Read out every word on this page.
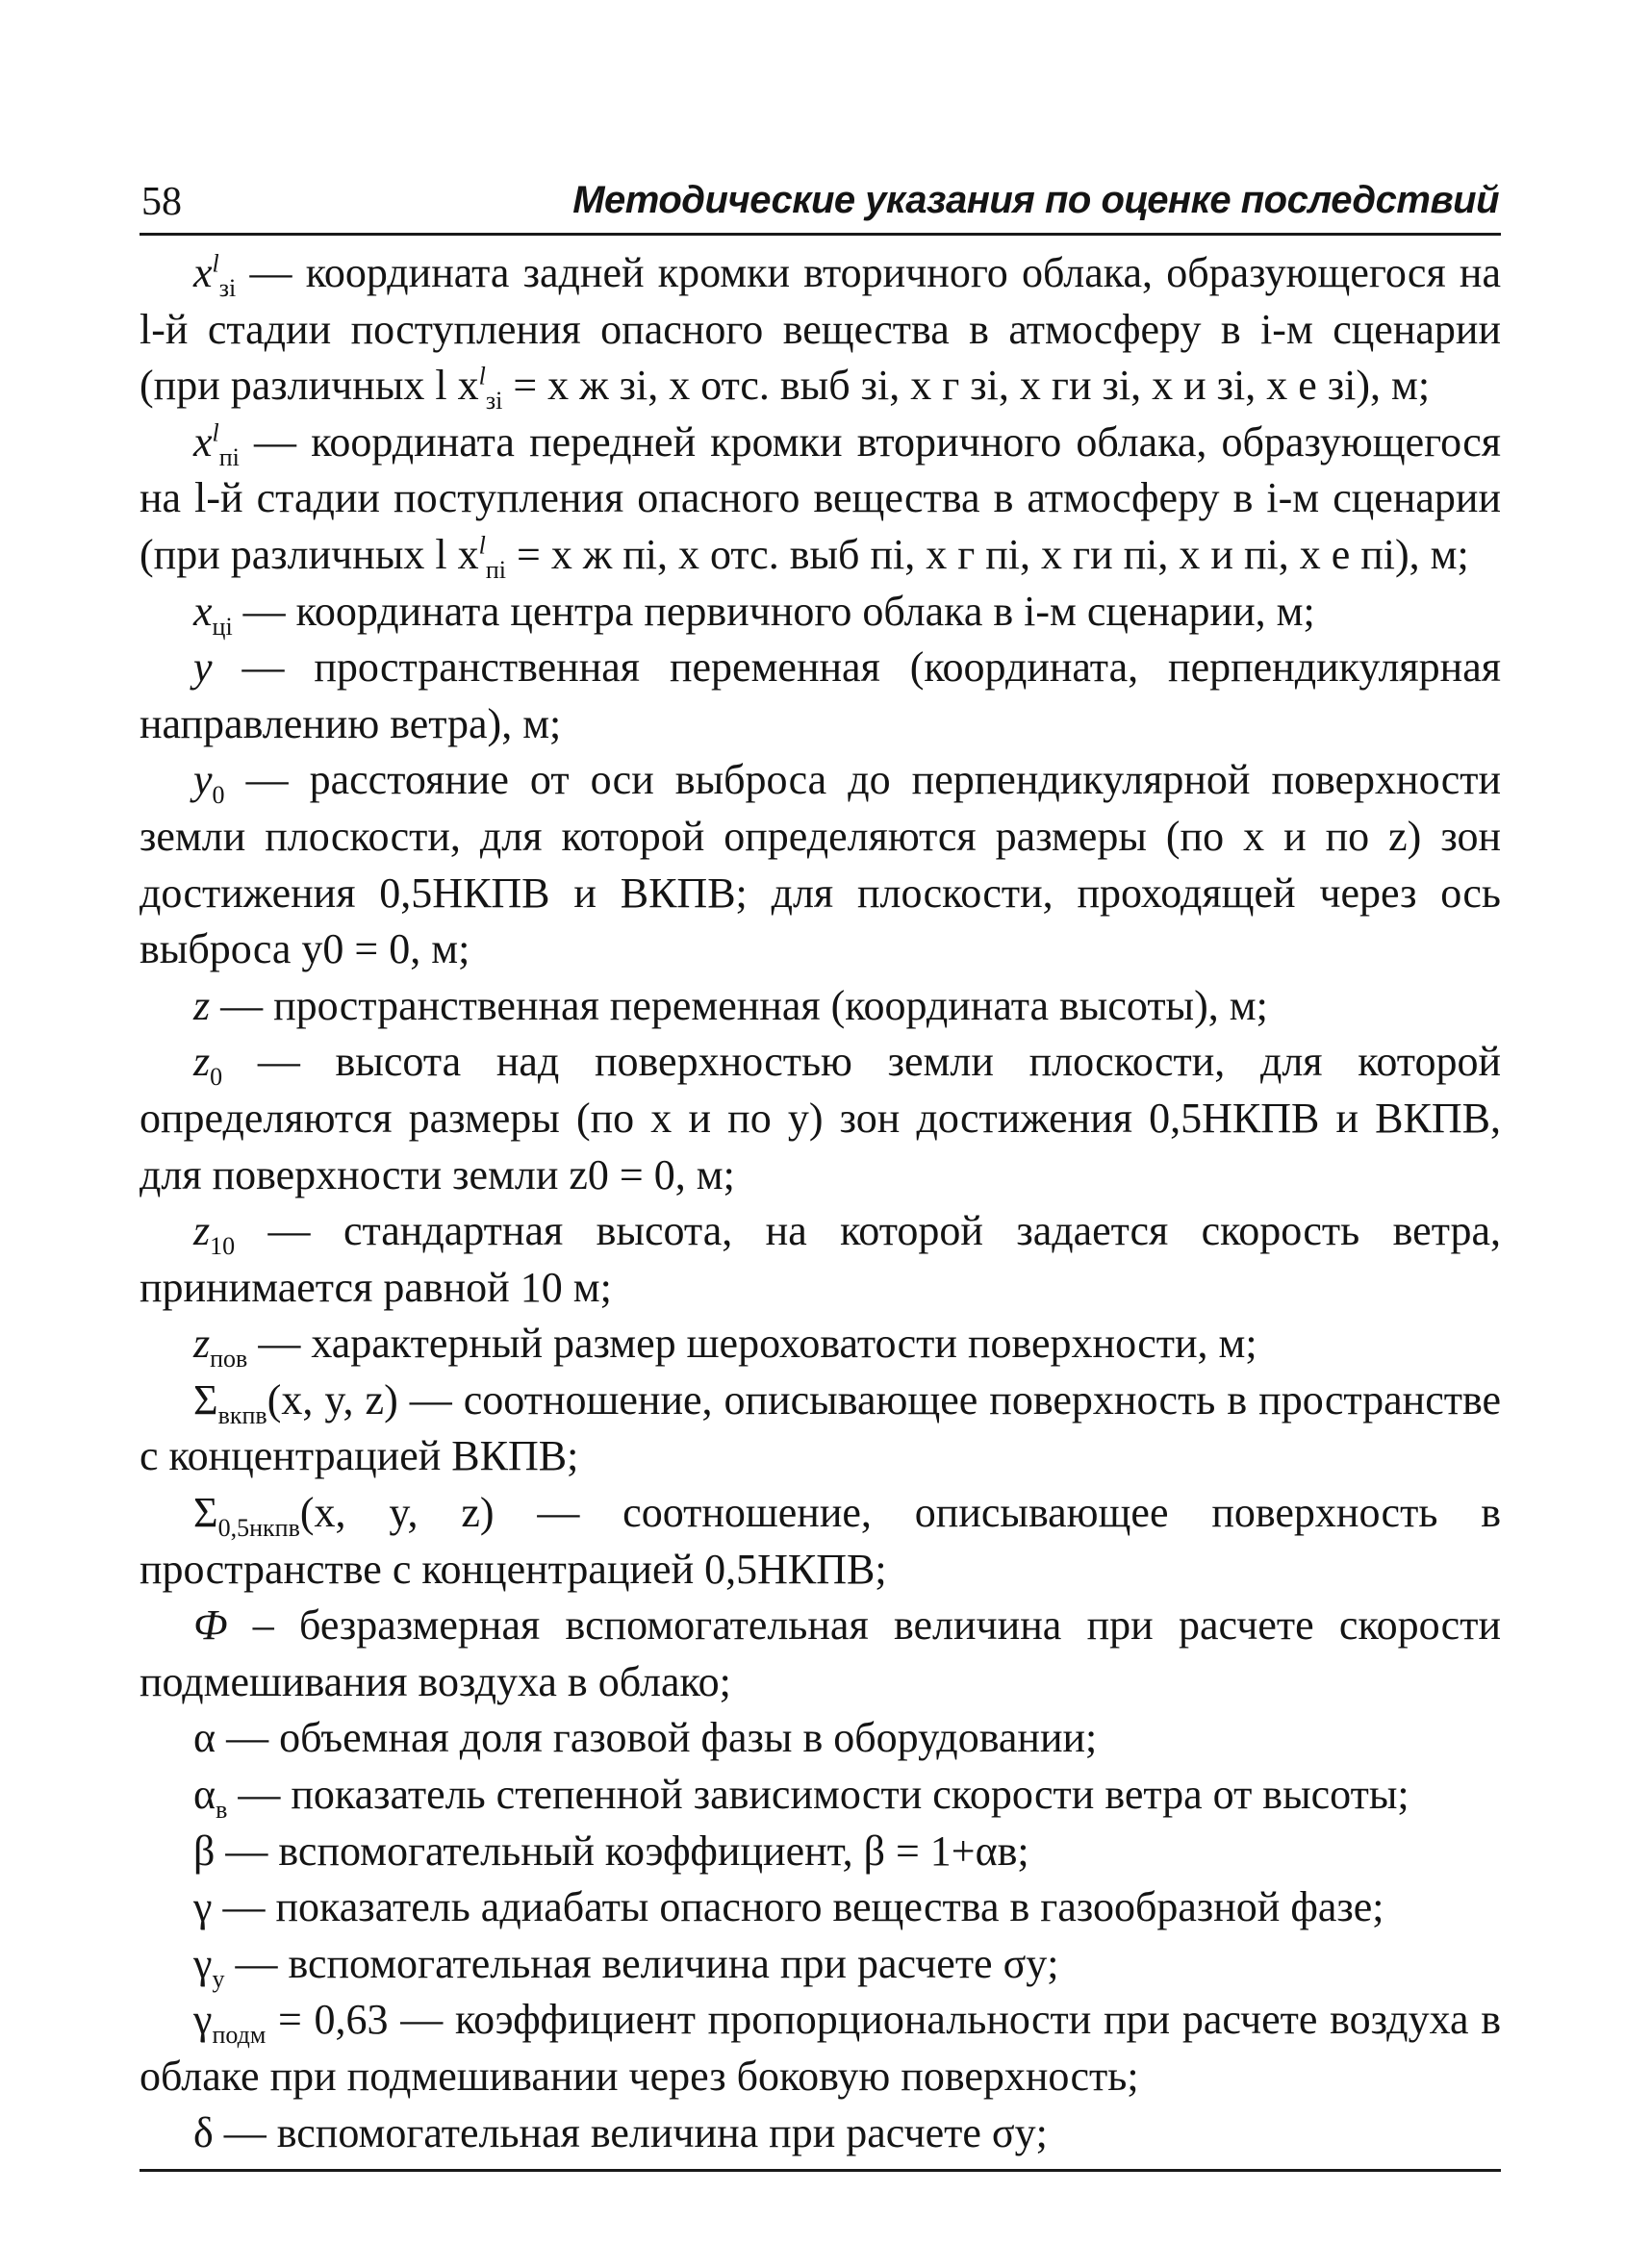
58	Методические указания по оценке последствий

$x^l_{зi}$ — координата задней кромки вторичного облака, образующегося на l-й стадии поступления опасного вещества в атмосферу в i-м сценарии (при различных l $x^l_{зi} = x$ ж зi, x отс. выб зi, x г зi, x ги зi, x и зi, x е зi), м;

$x^l_{пi}$ — координата передней кромки вторичного облака, образующегося на l-й стадии поступления опасного вещества в атмосферу в i-м сценарии (при различных l $x^l_{пi} = x$ ж пi, x отс. выб пi, x г пi, x ги пi, x и пi, x е пi), м;

$x_{цi}$ — координата центра первичного облака в i-м сценарии, м;

y — пространственная переменная (координата, перпендикулярная направлению ветра), м;

$y_0$ — расстояние от оси выброса до перпендикулярной поверхности земли плоскости, для которой определяются размеры (по x и по z) зон достижения 0,5НКПВ и ВКПВ; для плоскости, проходящей через ось выброса y0 = 0, м;

z — пространственная переменная (координата высоты), м;

$z_0$ — высота над поверхностью земли плоскости, для которой определяются размеры (по x и по y) зон достижения 0,5НКПВ и ВКПВ, для поверхности земли z0 = 0, м;

$z_{10}$ — стандартная высота, на которой задается скорость ветра, принимается равной 10 м;

$z_{пов}$ — характерный размер шероховатости поверхности, м;

$\Sigma_{вкпв}(x$, y, z) — соотношение, описывающее поверхность в пространстве с концентрацией ВКПВ;

$\Sigma_{0,5нкпв}(x$, y, z) — соотношение, описывающее поверхность в пространстве с концентрацией 0,5НКПВ;

Ф – безразмерная вспомогательная величина при расчете скорости подмешивания воздуха в облако;

α — объемная доля газовой фазы в оборудовании;

$\alpha_в$ — показатель степенной зависимости скорости ветра от высоты;

β — вспомогательный коэффициент, β = 1+αв;

γ — показатель адиабаты опасного вещества в газообразной фазе;

$\gamma_y$ — вспомогательная величина при расчете σy;

$\gamma_{подм} = 0,63$ — коэффициент пропорциональности при расчете воздуха в облаке при подмешивании через боковую поверхность;

δ — вспомогательная величина при расчете σy;
